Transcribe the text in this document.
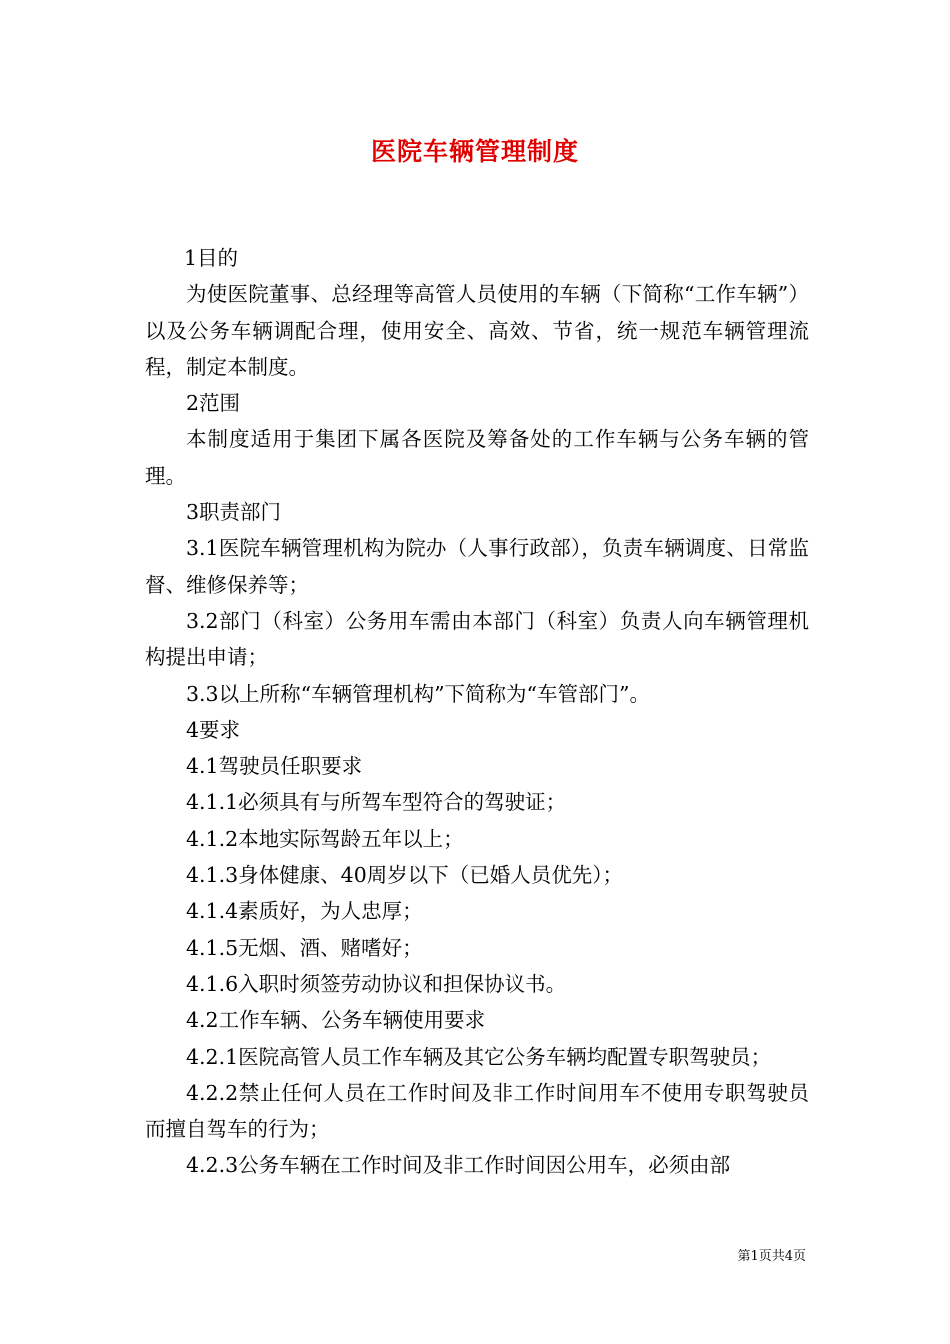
医院车辆管理制度

1目的

为使医院董事、总经理等高管人员使用的车辆（下简称“工作车辆”）以及公务车辆调配合理，使用安全、高效、节省，统一规范车辆管理流程，制定本制度。

2范围

本制度适用于集团下属各医院及筹备处的工作车辆与公务车辆的管理。

3职责部门

3.1医院车辆管理机构为院办（人事行政部），负责车辆调度、日常监督、维修保养等；

3.2部门（科室）公务用车需由本部门（科室）负责人向车辆管理机构提出申请；

3.3以上所称“车辆管理机构”下简称为“车管部门”。

4要求

4.1驾驶员任职要求

4.1.1必须具有与所驾车型符合的驾驶证；

4.1.2本地实际驾龄五年以上；

4.1.3身体健康、40周岁以下（已婚人员优先）；

4.1.4素质好，为人忠厚；

4.1.5无烟、酒、赌嗜好；

4.1.6入职时须签劳动协议和担保协议书。

4.2工作车辆、公务车辆使用要求

4.2.1医院高管人员工作车辆及其它公务车辆均配置专职驾驶员；

4.2.2禁止任何人员在工作时间及非工作时间用车不使用专职驾驶员而擅自驾车的行为；

4.2.3公务车辆在工作时间及非工作时间因公用车，必须由部

第1页共4页
